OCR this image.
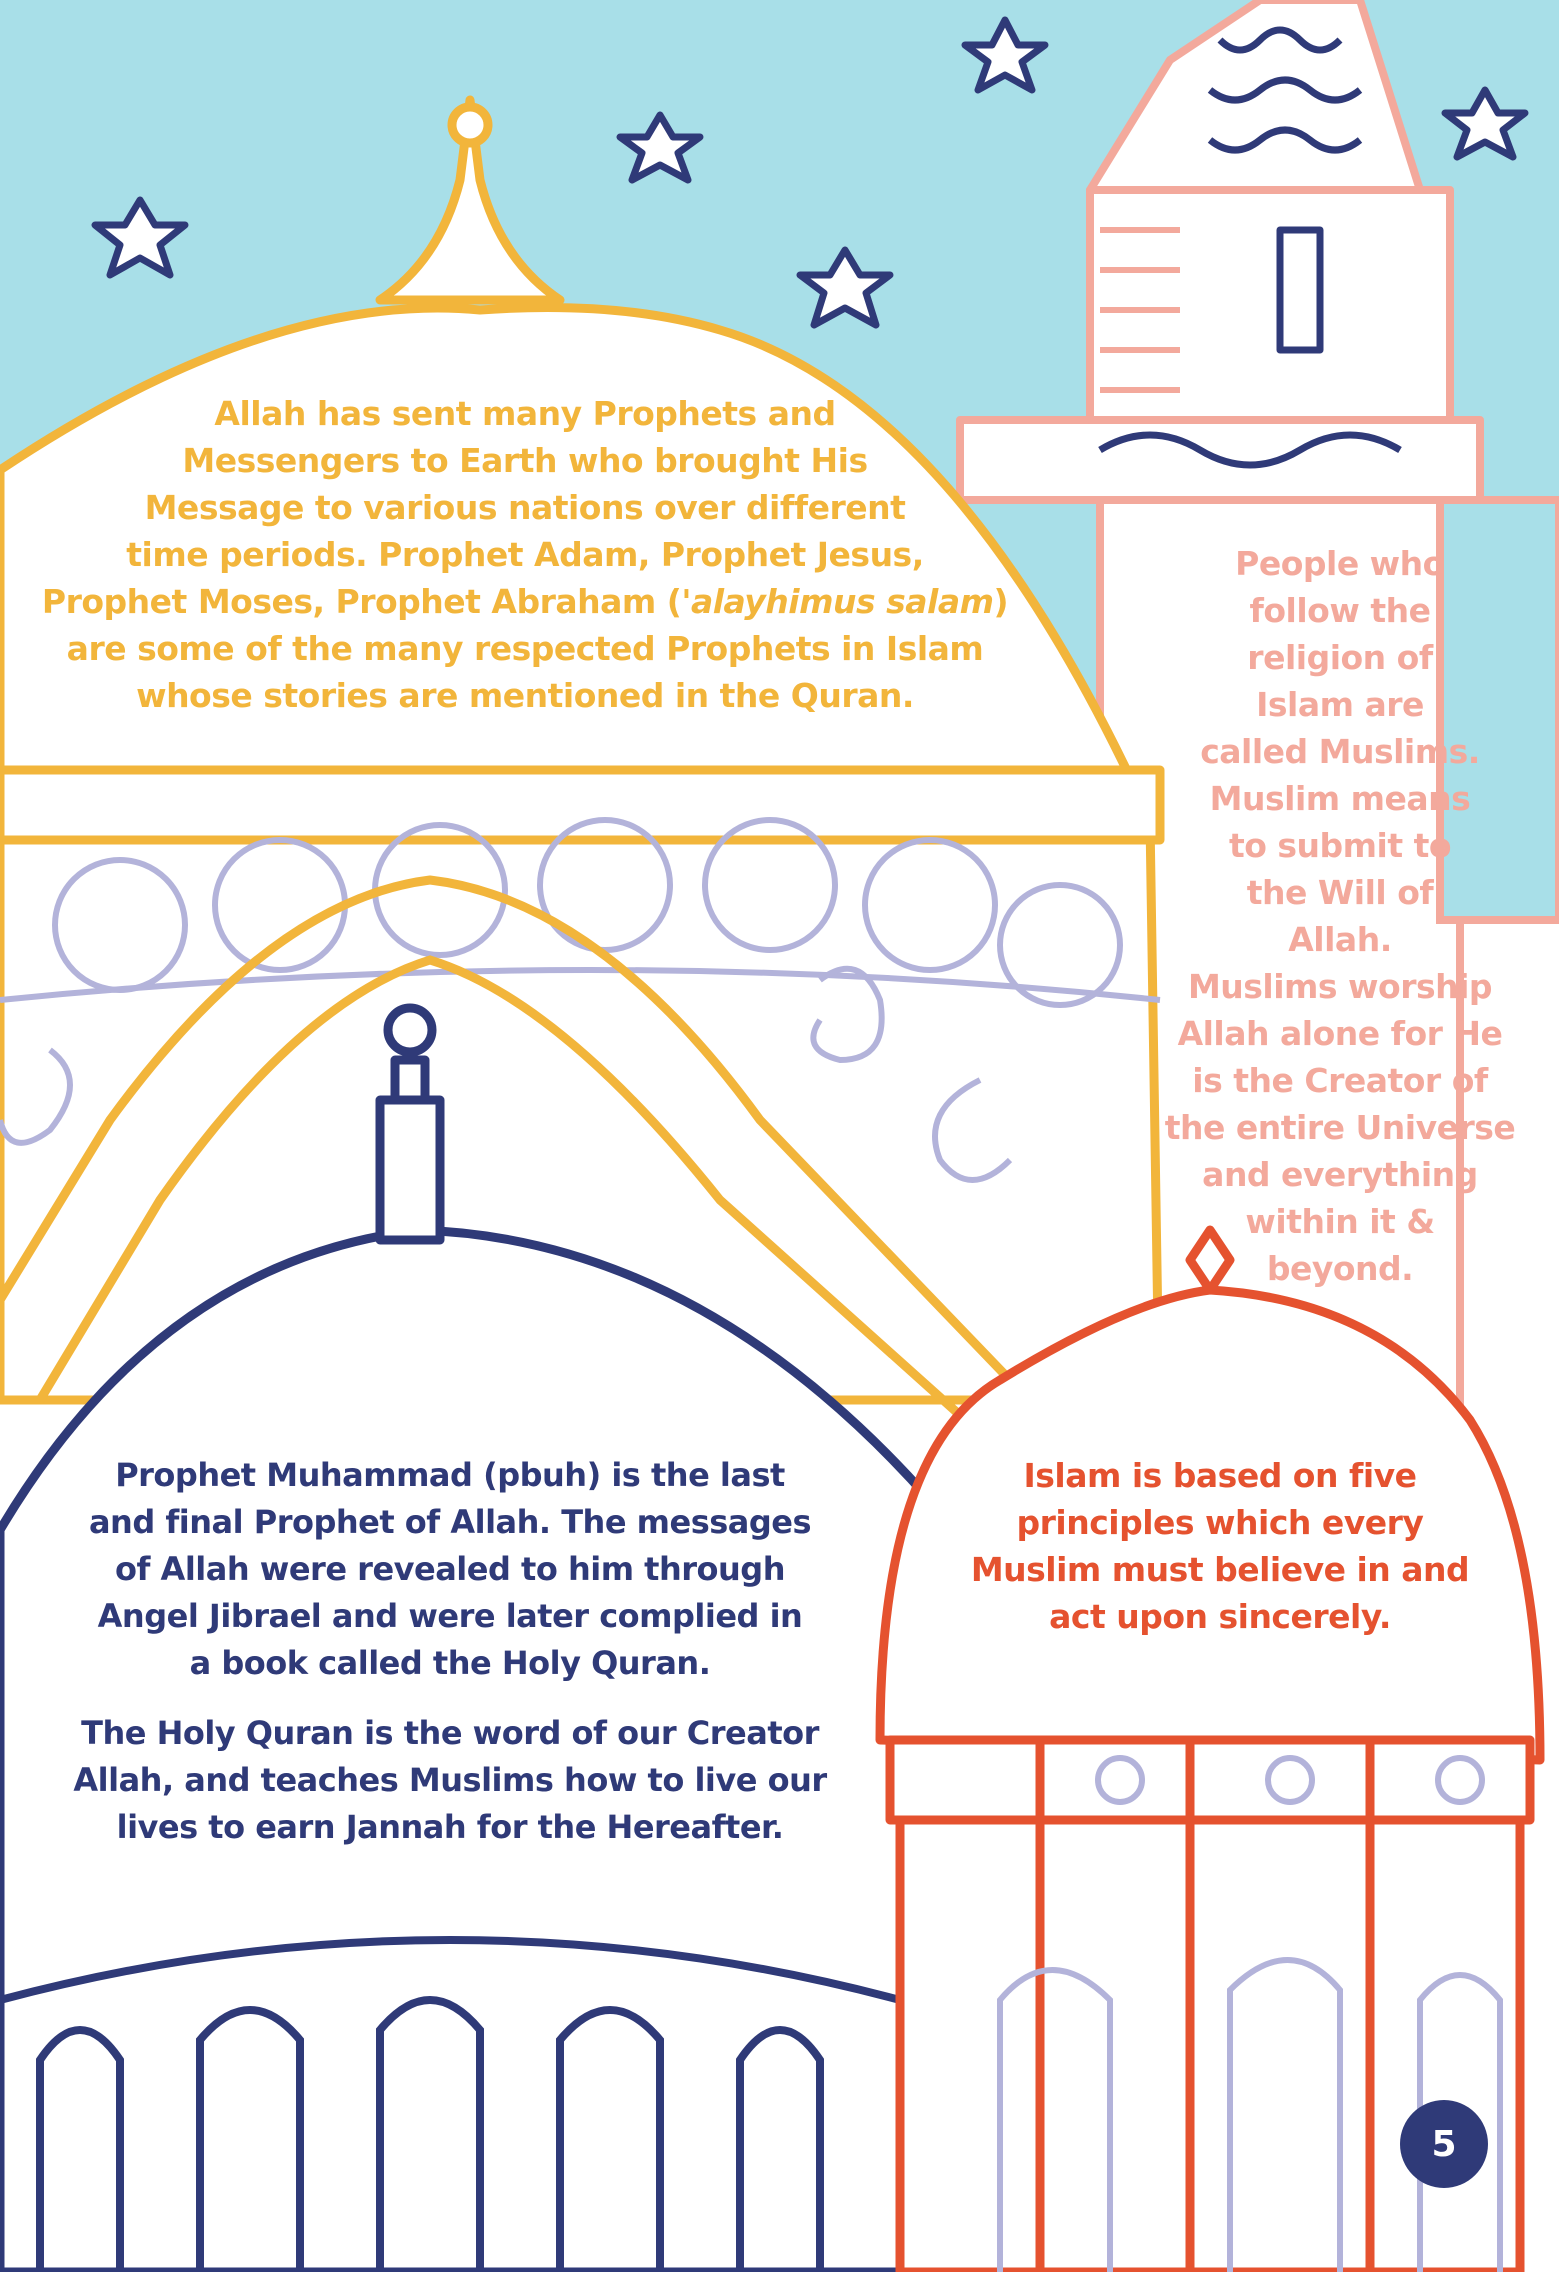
Allah has sent many Prophets and
Messengers to Earth who brought His
Message to various nations over different
time periods. Prophet Adam, Prophet Jesus,
Prophet Moses, Prophet Abraham ('alayhimus salam)
are some of the many respected Prophets in Islam
whose stories are mentioned in the Quran.

People who
follow the
religion of
Islam are
called Muslims.
Muslim means
to submit to
the Will of
Allah.
Muslims worship
Allah alone for He
is the Creator of
the entire Universe
and everything
within it &
beyond.

Prophet Muhammad (pbuh) is the last
and final Prophet of Allah. The messages
of Allah were revealed to him through
Angel Jibrael and were later complied in
a book called the Holy Quran.

The Holy Quran is the word of our Creator
Allah, and teaches Muslims how to live our
lives to earn Jannah for the Hereafter.

Islam is based on five
principles which every
Muslim must believe in and
act upon sincerely.

5
